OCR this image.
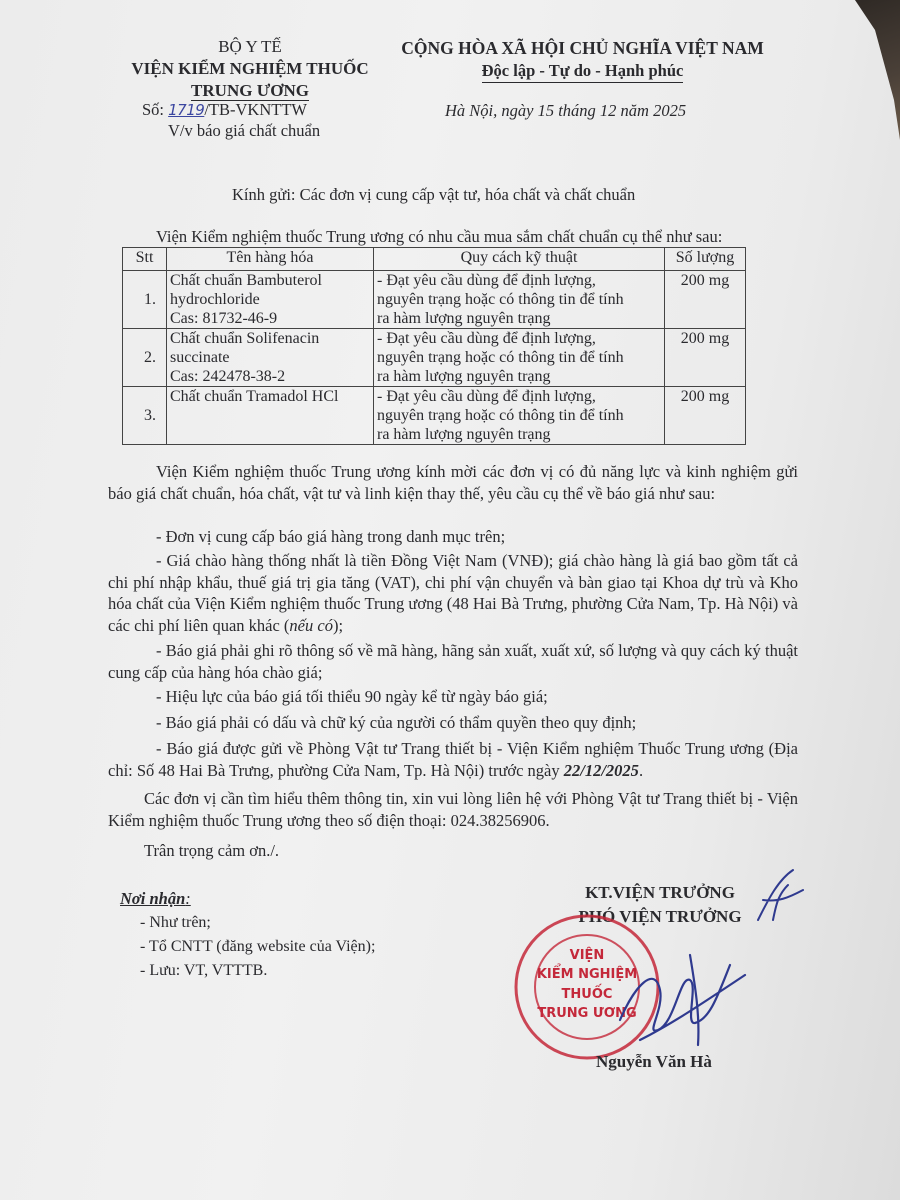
BỘ Y TẾ
VIỆN KIỂM NGHIỆM THUỐC
TRUNG ƯƠNG
Số: 1719/TB-VKNTTW
V/v báo giá chất chuẩn
CỘNG HÒA XÃ HỘI CHỦ NGHĨA VIỆT NAM
Độc lập - Tự do - Hạnh phúc
Hà Nội, ngày 15 tháng 12 năm 2025
Kính gửi: Các đơn vị cung cấp vật tư, hóa chất và chất chuẩn
Viện Kiểm nghiệm thuốc Trung ương có nhu cầu mua sắm chất chuẩn cụ thể như sau:
Stt	Tên hàng hóa	Quy cách kỹ thuật	Số lượng
1.	Chất chuẩn Bambuterol
hydrochloride
Cas: 81732-46-9	- Đạt yêu cầu dùng để định lượng,
nguyên trạng hoặc có thông tin để tính
ra hàm lượng nguyên trạng	200 mg
2.	Chất chuẩn Solifenacin
succinate
Cas: 242478-38-2	- Đạt yêu cầu dùng để định lượng,
nguyên trạng hoặc có thông tin để tính
ra hàm lượng nguyên trạng	200 mg
3.	Chất chuẩn Tramadol HCl	- Đạt yêu cầu dùng để định lượng,
nguyên trạng hoặc có thông tin để tính
ra hàm lượng nguyên trạng	200 mg
Viện Kiểm nghiệm thuốc Trung ương kính mời các đơn vị có đủ năng lực và kinh nghiệm gửi báo giá chất chuẩn, hóa chất, vật tư và linh kiện thay thế, yêu cầu cụ thể về báo giá như sau:
- Đơn vị cung cấp báo giá hàng trong danh mục trên;
- Giá chào hàng thống nhất là tiền Đồng Việt Nam (VNĐ); giá chào hàng là giá bao gồm tất cả chi phí nhập khẩu, thuế giá trị gia tăng (VAT), chi phí vận chuyển và bàn giao tại Khoa dự trù và Kho hóa chất của Viện Kiểm nghiệm thuốc Trung ương (48 Hai Bà Trưng, phường Cửa Nam, Tp. Hà Nội) và các chi phí liên quan khác (nếu có);
- Báo giá phải ghi rõ thông số về mã hàng, hãng sản xuất, xuất xứ, số lượng và quy cách ký thuật cung cấp của hàng hóa chào giá;
- Hiệu lực của báo giá tối thiểu 90 ngày kể từ ngày báo giá;
- Báo giá phải có dấu và chữ ký của người có thẩm quyền theo quy định;
- Báo giá được gửi về Phòng Vật tư Trang thiết bị - Viện Kiểm nghiệm Thuốc Trung ương (Địa chỉ: Số 48 Hai Bà Trưng, phường Cửa Nam, Tp. Hà Nội) trước ngày 22/12/2025.
Các đơn vị cần tìm hiểu thêm thông tin, xin vui lòng liên hệ với Phòng Vật tư Trang thiết bị - Viện Kiểm nghiệm thuốc Trung ương theo số điện thoại: 024.38256906.
Trân trọng cảm ơn./.
Nơi nhận:
- Như trên;
- Tổ CNTT (đăng website của Viện);
- Lưu: VT, VTTTB.
KT.VIỆN TRƯỞNG
PHÓ VIỆN TRƯỞNG
VIỆN
KIỂM NGHIỆM
THUỐC
TRUNG ƯƠNG
Nguyễn Văn Hà
